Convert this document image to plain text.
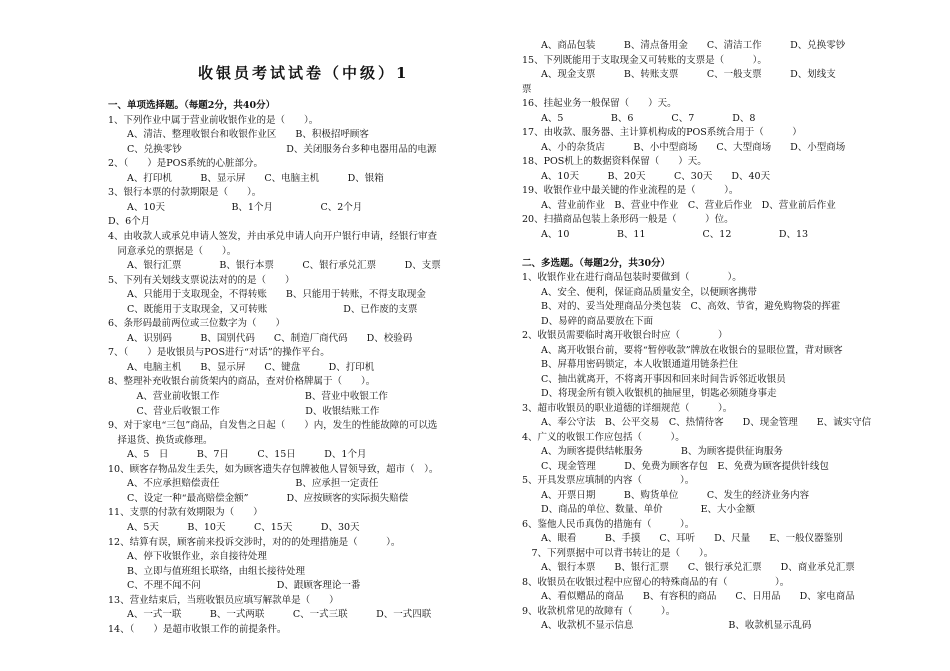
收银员考试试卷（中级）1
一、单项选择题。（每题2分，共40分）
1、下列作业中属于营业前收银作业的是（　　）。
　　A、清洁、整理收银台和收银作业区　　B、积极招呼顾客
　　C、兑换零钞　　　　　　　　　　　D、关闭服务台多种电器用品的电源
2、（　　）是POS系统的心脏部分。
　　A、打印机　　　B、显示屏　　C、电脑主机　　　D、银箱
3、银行本票的付款期限是（　　）。
　　A、10天　　　　　　　B、1个月　　　　　C、2个月
D、6个月
4、由收款人或承兑申请人签发，并由承兑申请人向开户银行申请，经银行审查
　同意承兑的票据是（　　）。
　　A、银行汇票　　　　B、银行本票　　　C、银行承兑汇票　　　D、支票
5、下列有关划线支票说法对的的是（　　）
　　A、只能用于支取现金，不得转账　　B、只能用于转账，不得支取现金
　　C、既能用于支取现金，又可转账　　　　　　　　D、已作废的支票
6、条形码最前两位或三位数字为（　　）
　　A、识别码　　　B、国别代码　　C、制造厂商代码　　D、校验码
7、（　　）是收银员与POS进行“对话”的操作平台。
　　A、电脑主机　　B、显示屏　　C、键盘　　　D、打印机
8、整理补充收银台前货架内的商品，查对价格牌属于（　　）。
　　　A、营业前收银工作　　　　　　　　　B、营业中收银工作
　　　C、营业后收银工作　　　　　　　　　D、收银结账工作
9、对于家电“三包”商品，自发售之日起（　　）内，发生的性能故障的可以选
　择退货、换货或修理。
　　A、5　日　　　B、7日　　　C、15日　　　D、1个月
10、顾客存物品发生丢失，如为顾客遗失存包牌被他人冒领导致，超市（　）。
　　A、不应承担赔偿责任　　　　　　　　B、应承担一定责任
　　C、设定一种“最高赔偿金额”　　　　D、应按顾客的实际损失赔偿
11、支票的付款有效期限为（　　）
　　A、5天　　　B、10天　　　C、15天　　　D、30天
12、结算有误，顾客前来投诉交涉时，对的的处理措施是（　　　）。
　　A、停下收银作业，亲自接待处理
　　B、立即与值班组长联络，由组长接待处理
　　C、不理不闻不问　　　　　　　　D、跟顾客理论一番
13、营业结束后，当班收银员应填写解款单是（　　）
　　A、一式一联　　　B、一式两联　　　C、一式三联　　　D、一式四联
14、（　　）是超市收银工作的前提条件。
　　A、商品包装　　　B、清点备用金　　C、清洁工作　　　D、兑换零钞
15、下列既能用于支取现金又可转账的支票是（　　　）。
　　A、现金支票　　　B、转账支票　　　C、一般支票　　　D、划线支
票
16、挂起业务一般保留（　　）天。
　　A、5　　　　　B、6　　　　C、7　　　　D、8
17、由收款、服务器、主计算机构成的POS系统合用于（　　　）
　　A、小的杂货店　　　B、小中型商场　　C、大型商场　　D、小型商场
18、POS机上的数据资料保留（　　）天。
　　A、10天　　　B、20天　　　C、30天　　D、40天
19、收银作业中最关键的作业流程的是（　　　）。
　　A、营业前作业　B、营业中作业　C、营业后作业　D、营业前后作业
20、扫描商品包装上条形码一般是（　　　）位。
　　A、10　　　　　B、11　　　　　　C、12　　　　　D、13
二、多选题。（每题2分，共30分）
1、收银作业在进行商品包装时要做到（　　　　）。
　　A、安全、便利，保证商品质量安全，以便顾客携带
　　B、对的、妥当处理商品分类包装　C、高效、节省，避免购物袋的挥霍
　　D、易碎的商品要放在下面
2、收银员需要临时离开收银台时应（　　　　）
　　A、离开收银台前，要将“暂停收款”牌放在收银台的显眼位置，背对顾客
　　B、屏幕用密码锁定，本人收银通道用链条拦住
　　C、抽出就离开，不将离开事因和回来时间告诉邻近收银员
　　D、将现金所有锁入收银机的抽屉里，钥匙必须随身事走
3、超市收银员的职业道德的详细规范（　　　）。
　　A、奉公守法　B、公平交易　C、热情待客　　D、现金管理　　E、诚实守信
4、广义的收银工作应包括（　　　）。
　　A、为顾客提供结帐服务　　　　B、为顾客提供征询服务
　　C、现金管理　　　D、免费为顾客存包　E、免费为顾客提供针线包
5、开具发票应填制的内容（　　　　）。
　　A、开票日期　　　B、购货单位　　　C、发生的经济业务内容
　　D、商品的单位、数量、单价　　　　E、大小金额
6、鉴他人民币真伪的措施有（　　　）。
　　A、眼看　　　B、手摸　　C、耳听　　D、尺量　　E、一般仪器鉴别
　7、下列票据中可以背书转让的是（　　）。
　　A、银行本票　　B、银行汇票　　C、银行承兑汇票　　D、商业承兑汇票
8、收银员在收银过程中应留心的特殊商品的有（　　　　　）。
　　A、看似赠品的商品　　B、有容积的商品　　C、日用品　　D、家电商品
9、收款机常见的故障有（　　　）。
　　A、收款机不显示信息　　　　　　　　　　B、收款机显示乱码
